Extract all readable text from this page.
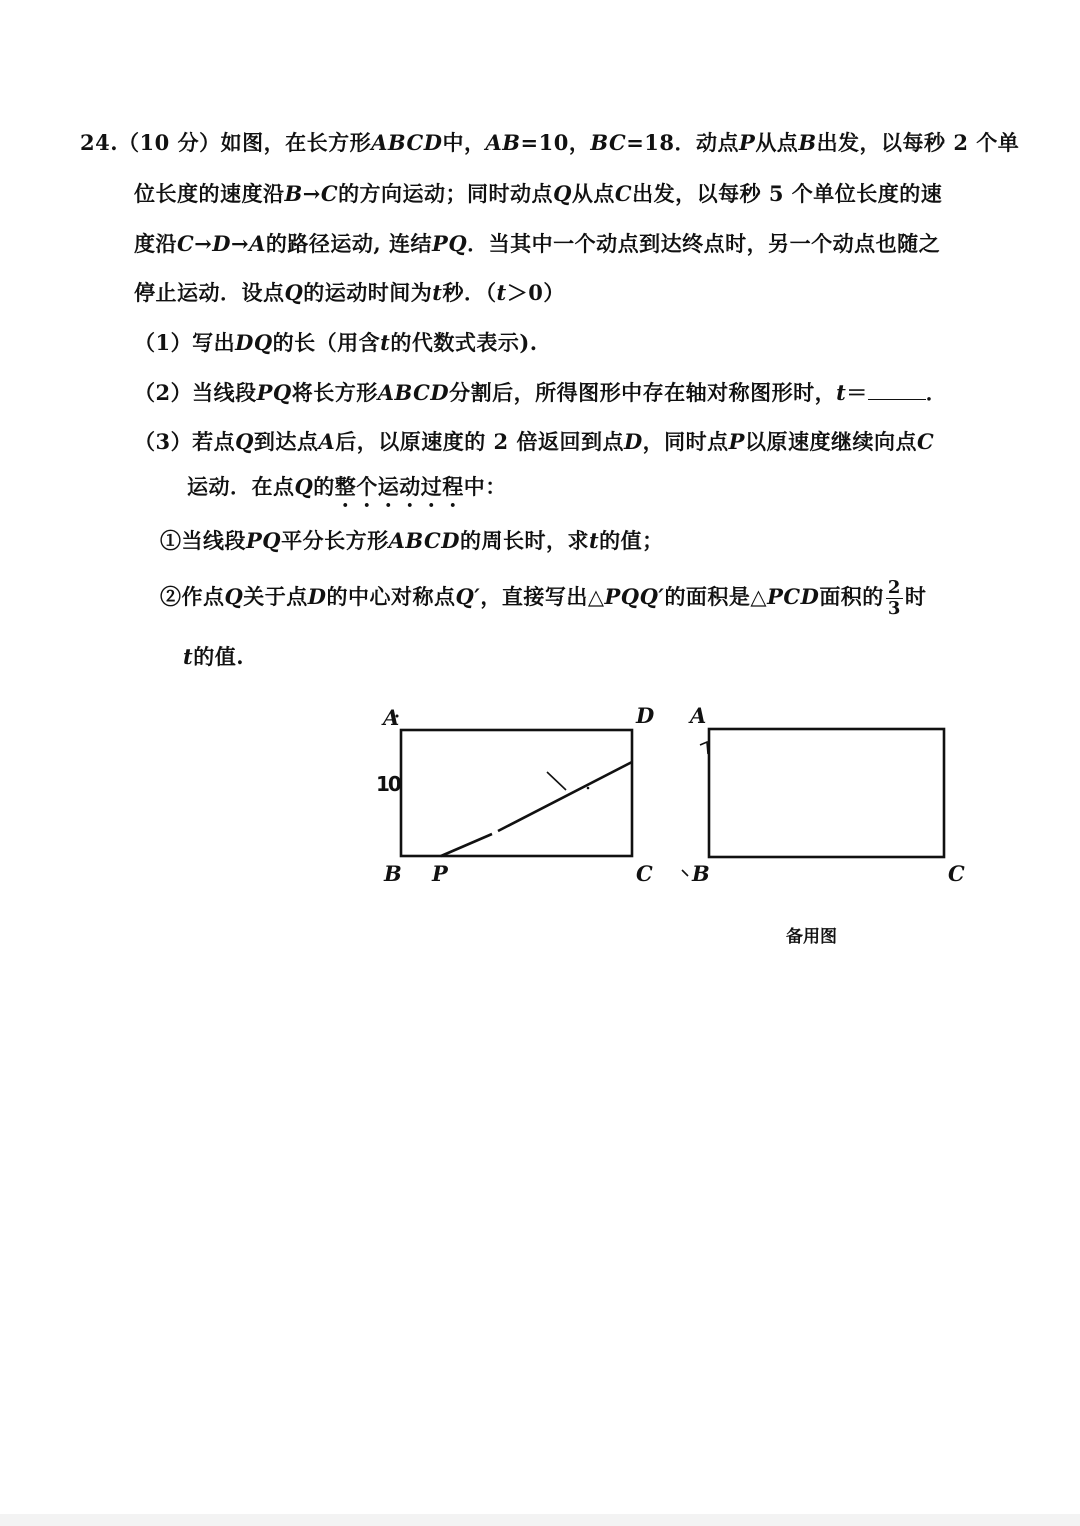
24.（10 分）如图，在长方形ABCD中，AB=10，BC=18．动点P从点B出发，以每秒 2 个单
位长度的速度沿B→C的方向运动；同时动点Q从点C出发，以每秒 5 个单位长度的速
度沿C→D→A的路径运动, 连结PQ．当其中一个动点到达终点时，另一个动点也随之
停止运动．设点Q的运动时间为t秒．（t＞0）
（1）写出DQ的长（用含t的代数式表示).
（2）当线段PQ将长方形ABCD分割后，所得图形中存在轴对称图形时，t＝	．
（3）若点Q到达点A后，以原速度的 2 倍返回到点D，同时点P以原速度继续向点C
运动．在点Q的整个运动过程中：
①当线段PQ平分长方形ABCD的周长时，求t的值；
②作点Q关于点D的中心对称点Q′，直接写出△PQQ′的面积是△PCD面积的 $\frac{2}{3}$ 时
t的值.
A	D
10
B P	C
A
B	C
备用图
